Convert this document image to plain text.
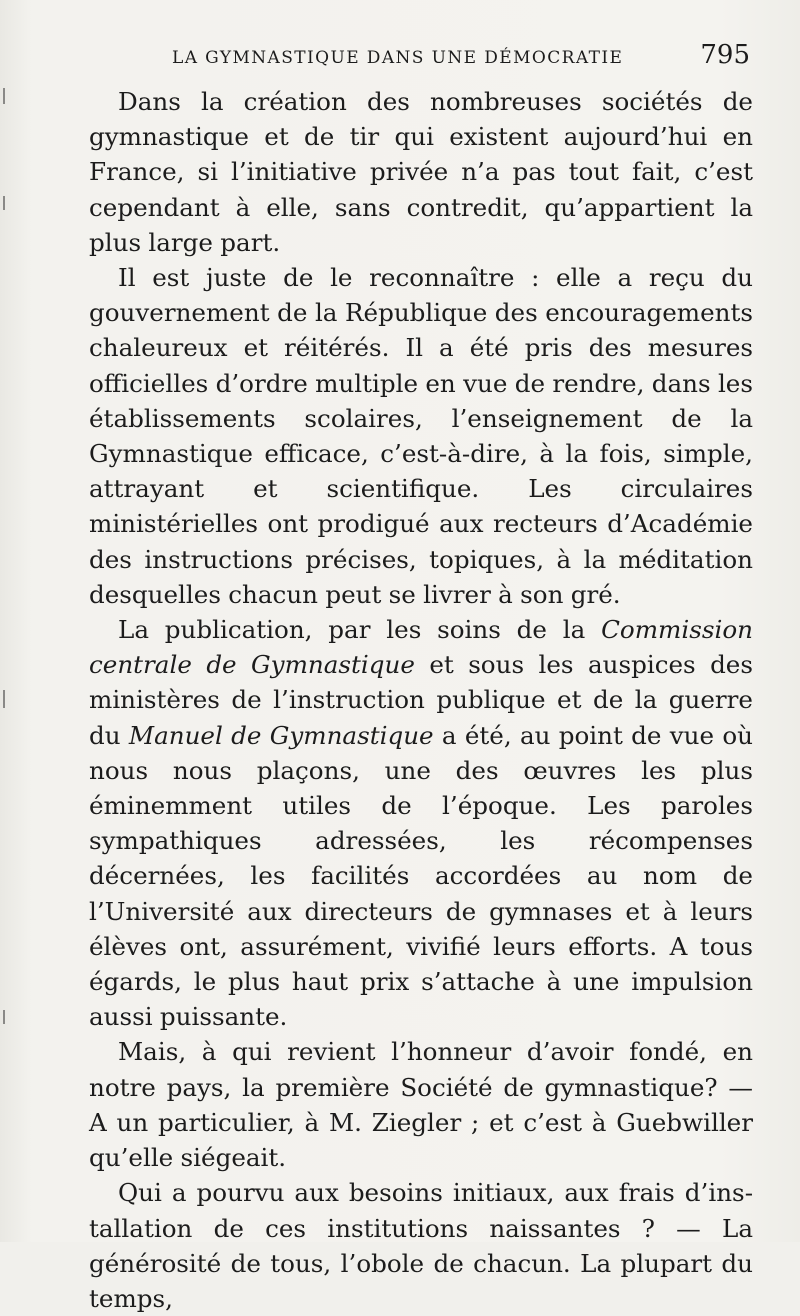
LA GYMNASTIQUE DANS UNE DÉMOCRATIE	795

Dans la création des nombreuses sociétés de gymnastique et de tir qui existent aujourd’hui en France, si l’initiative privée n’a pas tout fait, c’est cependant à elle, sans contredit, qu’appartient la plus large part.

Il est juste de le reconnaître : elle a reçu du gouvernement de la République des encouragements chaleureux et réitérés. Il a été pris des mesures officielles d’ordre multiple en vue de rendre, dans les établissements scolaires, l’enseignement de la Gymnastique efficace, c’est-à-dire, à la fois, simple, attrayant et scientifique. Les circulaires ministérielles ont prodigué aux recteurs d’Académie des instructions précises, topiques, à la méditation desquelles chacun peut se livrer à son gré.

La publication, par les soins de la Commission centrale de Gymnastique et sous les auspices des ministères de l’instruction publique et de la guerre du Manuel de Gymnastique a été, au point de vue où nous nous plaçons, une des œuvres les plus éminemment utiles de l’époque. Les paroles sympathiques adressées, les récompenses décernées, les facilités accordées au nom de l’Université aux directeurs de gymnases et à leurs élèves ont, assurément, vivifié leurs efforts. A tous égards, le plus haut prix s’attache à une impulsion aussi puissante.

Mais, à qui revient l’honneur d’avoir fondé, en notre pays, la première Société de gymnastique? — A un particulier, à M. Ziegler ; et c’est à Guebwiller qu’elle siégeait.

Qui a pourvu aux besoins initiaux, aux frais d’installation de ces institutions naissantes ? — La générosité de tous, l’obole de chacun. La plupart du temps,
